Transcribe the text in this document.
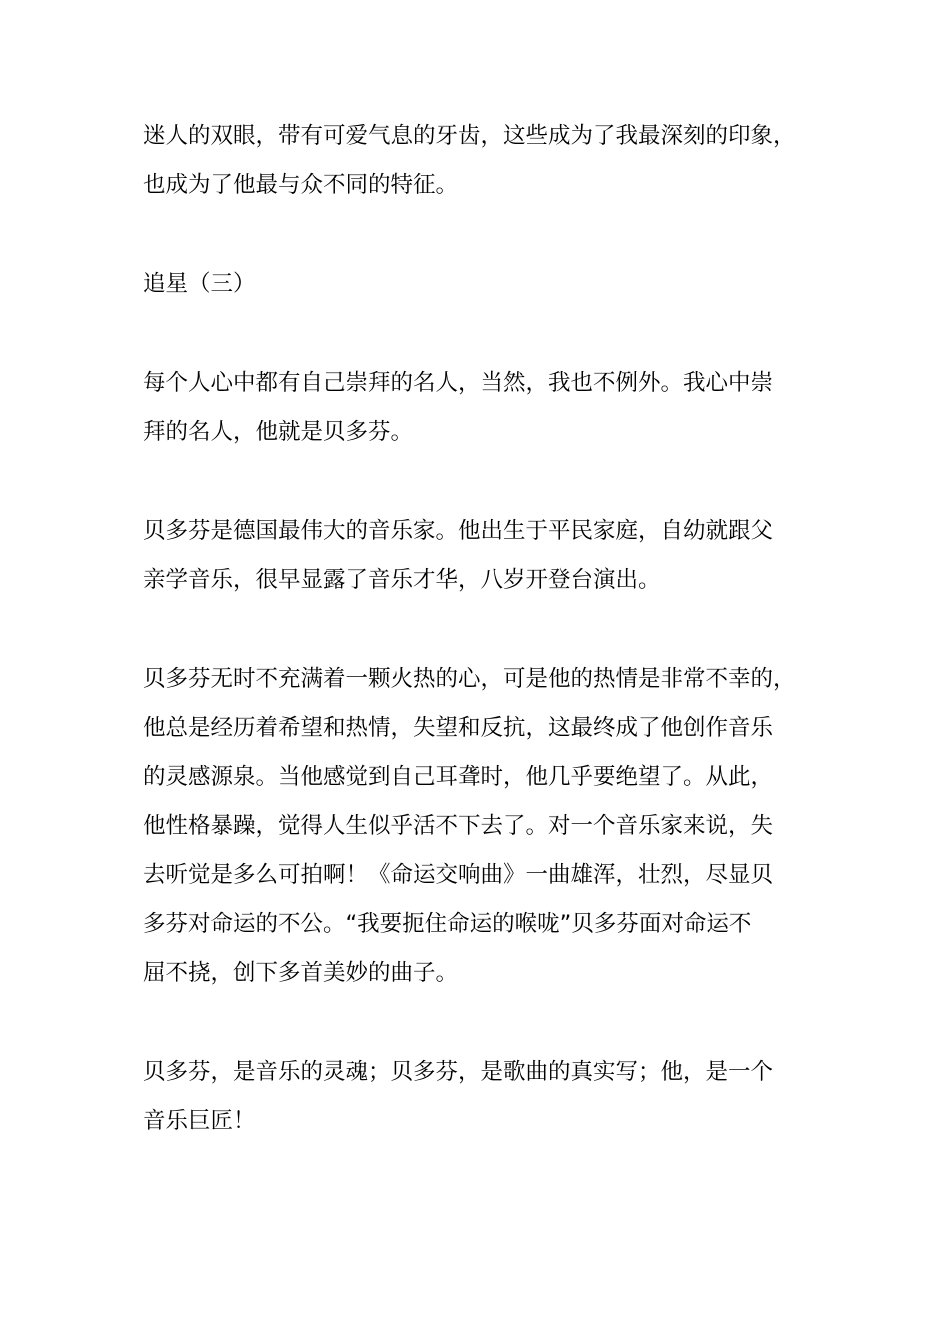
迷人的双眼，带有可爱气息的牙齿，这些成为了我最深刻的印象，
也成为了他最与众不同的特征。

追星（三）

每个人心中都有自己崇拜的名人，当然，我也不例外。我心中崇
拜的名人，他就是贝多芬。

贝多芬是德国最伟大的音乐家。他出生于平民家庭，自幼就跟父
亲学音乐，很早显露了音乐才华，八岁开登台演出。

贝多芬无时不充满着一颗火热的心，可是他的热情是非常不幸的，
他总是经历着希望和热情，失望和反抗，这最终成了他创作音乐
的灵感源泉。当他感觉到自己耳聋时，他几乎要绝望了。从此，
他性格暴躁，觉得人生似乎活不下去了。对一个音乐家来说，失
去听觉是多么可拍啊！《命运交响曲》一曲雄浑，壮烈，尽显贝
多芬对命运的不公。“我要扼住命运的喉咙”贝多芬面对命运不
屈不挠，创下多首美妙的曲子。

贝多芬，是音乐的灵魂；贝多芬，是歌曲的真实写；他，是一个
音乐巨匠！
